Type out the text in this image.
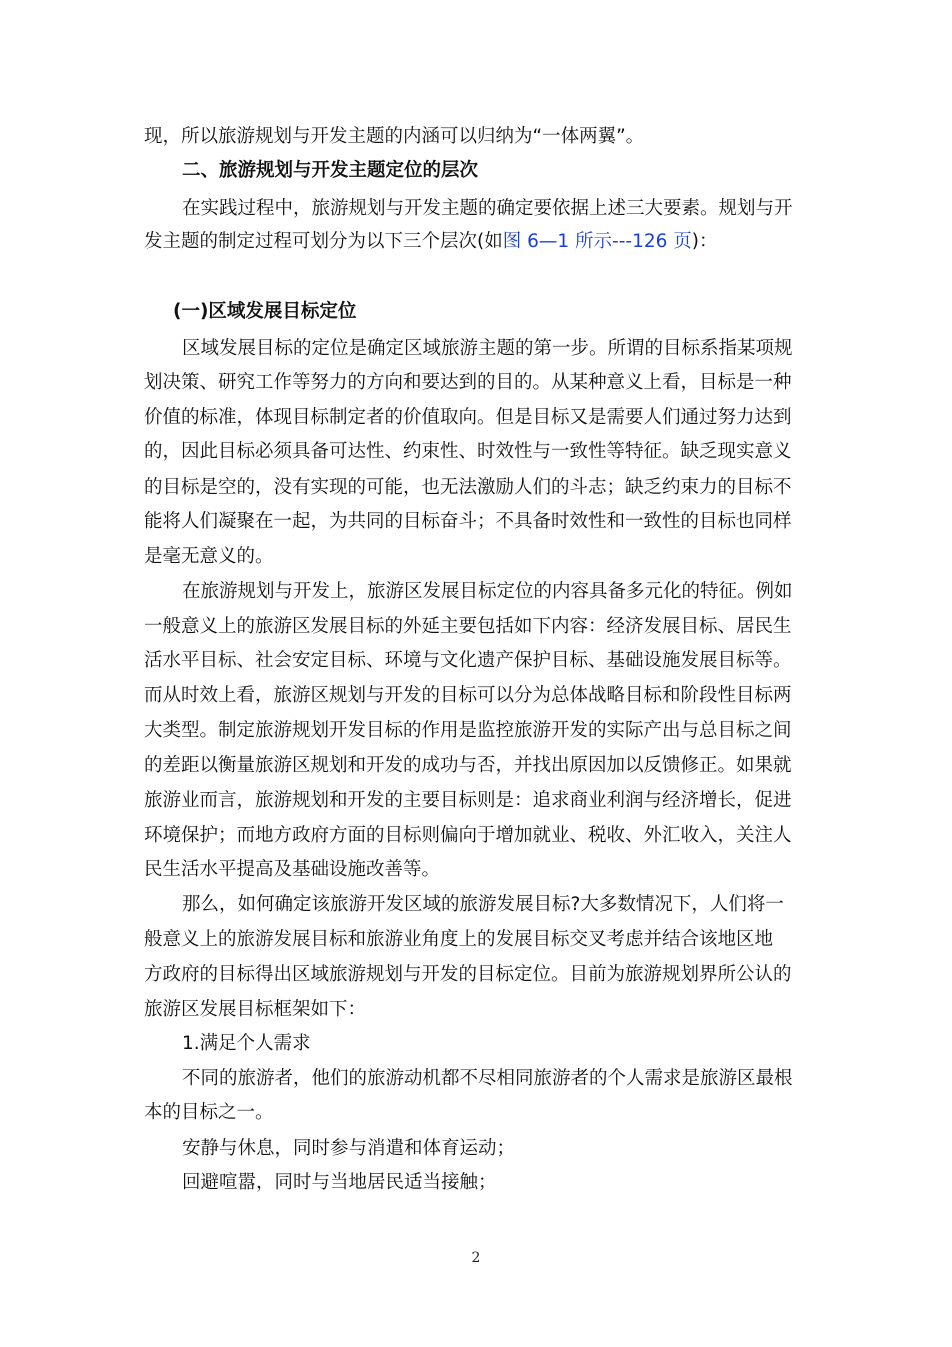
现，所以旅游规划与开发主题的内涵可以归纳为“一体两翼”。
二、旅游规划与开发主题定位的层次
在实践过程中，旅游规划与开发主题的确定要依据上述三大要素。规划与开
发主题的制定过程可划分为以下三个层次(如图 6—1 所示---126 页)：
(一)区域发展目标定位
区域发展目标的定位是确定区域旅游主题的第一步。所谓的目标系指某项规
划决策、研究工作等努力的方向和要达到的目的。从某种意义上看，目标是一种
价值的标准，体现目标制定者的价值取向。但是目标又是需要人们通过努力达到
的，因此目标必须具备可达性、约束性、时效性与一致性等特征。缺乏现实意义
的目标是空的，没有实现的可能，也无法激励人们的斗志；缺乏约束力的目标不
能将人们凝聚在一起，为共同的目标奋斗；不具备时效性和一致性的目标也同样
是毫无意义的。
在旅游规划与开发上，旅游区发展目标定位的内容具备多元化的特征。例如
一般意义上的旅游区发展目标的外延主要包括如下内容：经济发展目标、居民生
活水平目标、社会安定目标、环境与文化遗产保护目标、基础设施发展目标等。
而从时效上看，旅游区规划与开发的目标可以分为总体战略目标和阶段性目标两
大类型。制定旅游规划开发目标的作用是监控旅游开发的实际产出与总目标之间
的差距以衡量旅游区规划和开发的成功与否，并找出原因加以反馈修正。如果就
旅游业而言，旅游规划和开发的主要目标则是：追求商业利润与经济增长，促进
环境保护；而地方政府方面的目标则偏向于增加就业、税收、外汇收入，关注人
民生活水平提高及基础设施改善等。
那么，如何确定该旅游开发区域的旅游发展目标?大多数情况下，人们将一
般意义上的旅游发展目标和旅游业角度上的发展目标交叉考虑并结合该地区地
方政府的目标得出区域旅游规划与开发的目标定位。目前为旅游规划界所公认的
旅游区发展目标框架如下：
1.满足个人需求
不同的旅游者，他们的旅游动机都不尽相同旅游者的个人需求是旅游区最根
本的目标之一。
安静与休息，同时参与消遣和体育运动；
回避喧嚣，同时与当地居民适当接触；
2
